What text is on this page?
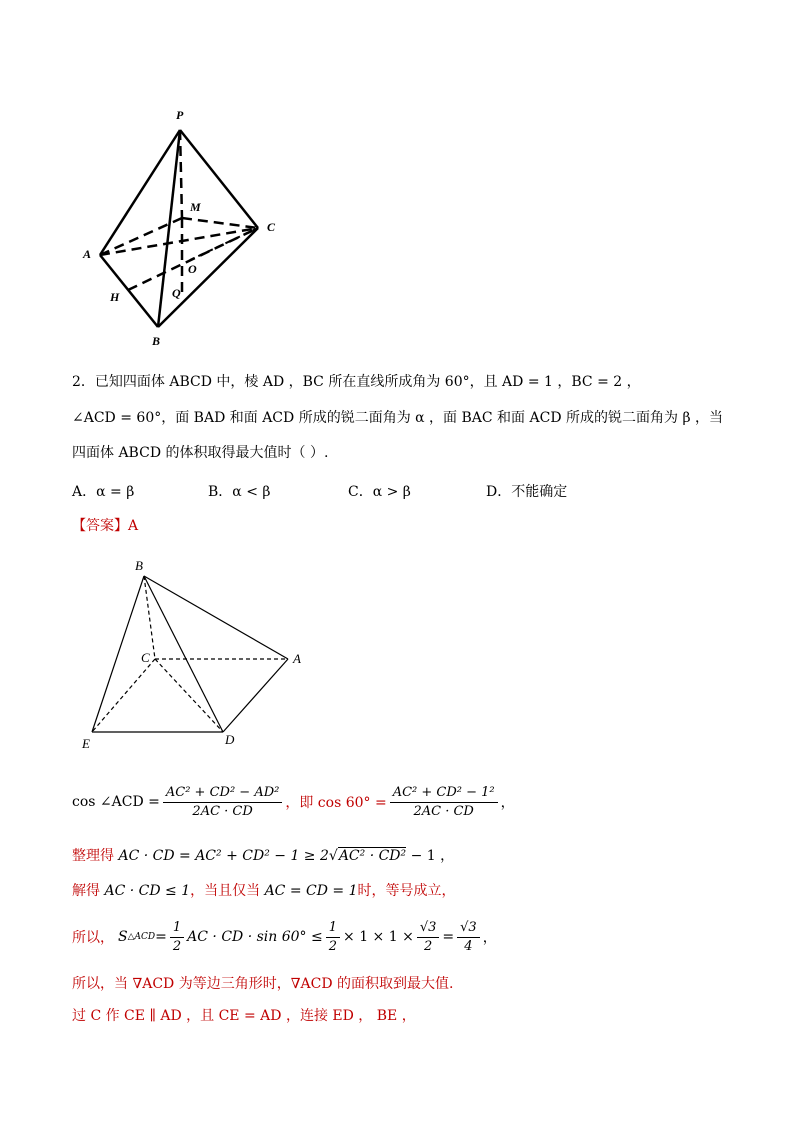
P
M
C
A
O
H	Q
B
2．已知四面体 ABCD 中，棱 AD ，BC 所在直线所成角为 60°，且 AD = 1 ，BC = 2 ，
∠ACD = 60°，面 BAD 和面 ACD 所成的锐二面角为 α ，面 BAC 和面 ACD 所成的锐二面角为 β ，当
四面体 ABCD 的体积取得最大值时（ ）.
A．α = β	B．α < β	C．α > β	D．不能确定
【答案】A
B
C	A
E	D
cos ∠ACD = $\frac{\text{AC² + CD² − AD²}}{2AC \cdot CD}$ ，即 $\cos 60^\circ = \frac{\text{AC² + CD² − 1²}}{2AC \cdot CD}$ ，
整理得 AC · CD = AC² + CD² − 1 ≥ 2√AC² · CD² − 1 ，
解得 AC · CD ≤ 1，当且仅当 AC = CD = 1时，等号成立，
所以， S △ACD = $\frac{1}{2}$ AC · CD · $\sin 60^\circ \le \frac{1}{2} \times 1 \times 1 \times \frac{√3}{2} = \frac{√3}{4}$ ，
所以，当 ∇ACD 为等边三角形时，∇ACD 的面积取到最大值.
过 C 作 CE ∥ AD ，且 CE = AD ，连接 ED ， BE ，
